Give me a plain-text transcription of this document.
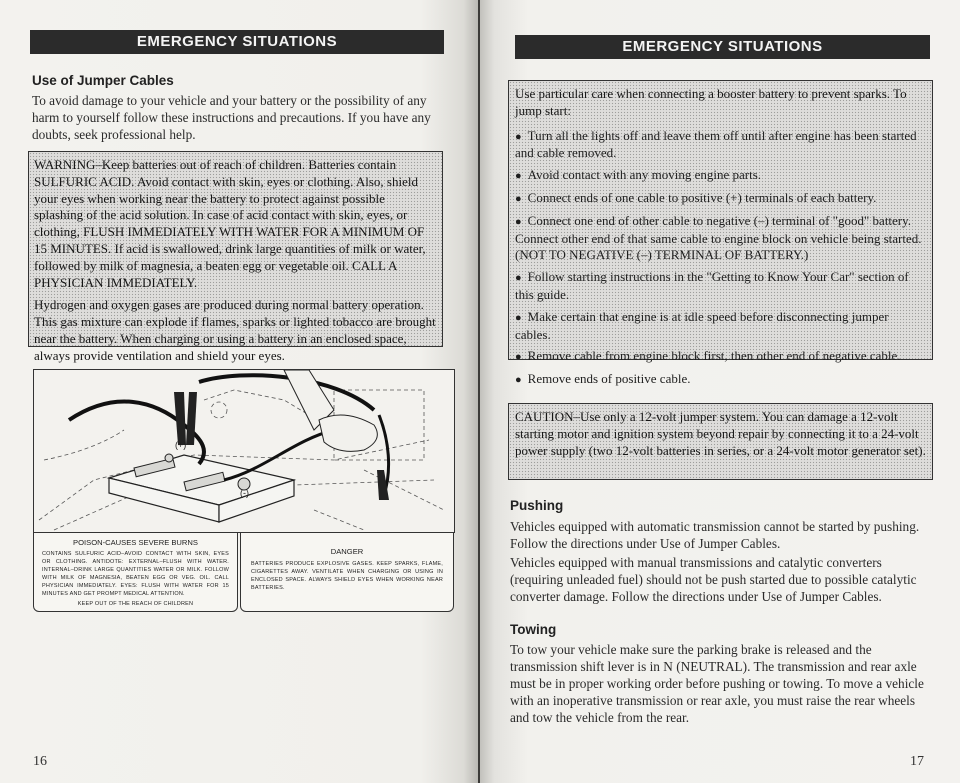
EMERGENCY SITUATIONS
Use of Jumper Cables

To avoid damage to your vehicle and your battery or the possibility of any harm to yourself follow these instructions and precautions. If you have any doubts, seek professional help.

WARNING–Keep batteries out of reach of children. Batteries contain SULFURIC ACID. Avoid contact with skin, eyes or clothing. Also, shield your eyes when working near the battery to protect against possible splashing of the acid solution. In case of acid contact with skin, eyes, or clothing, FLUSH IMMEDIATELY WITH WATER FOR A MINIMUM OF 15 MINUTES. If acid is swallowed, drink large quantities of milk or water, followed by milk of magnesia, a beaten egg or vegetable oil. CALL A PHYSICIAN IMMEDIATELY.

Hydrogen and oxygen gases are produced during normal battery operation. This gas mixture can explode if flames, sparks or lighted tobacco are brought near the battery. When charging or using a battery in an enclosed space, always provide ventilation and shield your eyes.

(+)
(-)

POISON-CAUSES SEVERE BURNS

CONTAINS SULFURIC ACID–AVOID CONTACT WITH SKIN, EYES OR CLOTHING. ANTIDOTE: EXTERNAL–FLUSH WITH WATER. INTERNAL–DRINK LARGE QUANTITIES WATER OR MILK. FOLLOW WITH MILK OF MAGNESIA, BEATEN EGG OR VEG. OIL. CALL PHYSICIAN IMMEDIATELY. EYES: FLUSH WITH WATER FOR 15 MINUTES AND GET PROMPT MEDICAL ATTENTION.

KEEP OUT OF THE REACH OF CHILDREN

DANGER

BATTERIES PRODUCE EXPLOSIVE GASES. KEEP SPARKS, FLAME, CIGARETTES AWAY. VENTILATE WHEN CHARGING OR USING IN ENCLOSED SPACE. ALWAYS SHIELD EYES WHEN WORKING NEAR BATTERIES.

16
EMERGENCY SITUATIONS

Use particular care when connecting a booster battery to prevent sparks. To jump start:

● Turn all the lights off and leave them off until after engine has been started and cable removed.
● Avoid contact with any moving engine parts.
● Connect ends of one cable to positive (+) terminals of each battery.
● Connect one end of other cable to negative (–) terminal of "good" battery. Connect other end of that same cable to engine block on vehicle being started. (NOT TO NEGATIVE (–) TERMINAL OF BATTERY.)
● Follow starting instructions in the "Getting to Know Your Car" section of this guide.
● Make certain that engine is at idle speed before disconnecting jumper cables.
● Remove cable from engine block first, then other end of negative cable.
● Remove ends of positive cable.

CAUTION–Use only a 12-volt jumper system. You can damage a 12-volt starting motor and ignition system beyond repair by connecting it to a 24-volt power supply (two 12-volt batteries in series, or a 24-volt motor generator set).

Pushing

Vehicles equipped with automatic transmission cannot be started by pushing. Follow the directions under Use of Jumper Cables.

Vehicles equipped with manual transmissions and catalytic converters (requiring unleaded fuel) should not be push started due to possible catalytic converter damage. Follow the directions under Use of Jumper Cables.

Towing

To tow your vehicle make sure the parking brake is released and the transmission shift lever is in N (NEUTRAL). The transmission and rear axle must be in proper working order before pushing or towing. To move a vehicle with an inoperative transmission or rear axle, you must raise the rear wheels and tow the vehicle from the rear.

17
